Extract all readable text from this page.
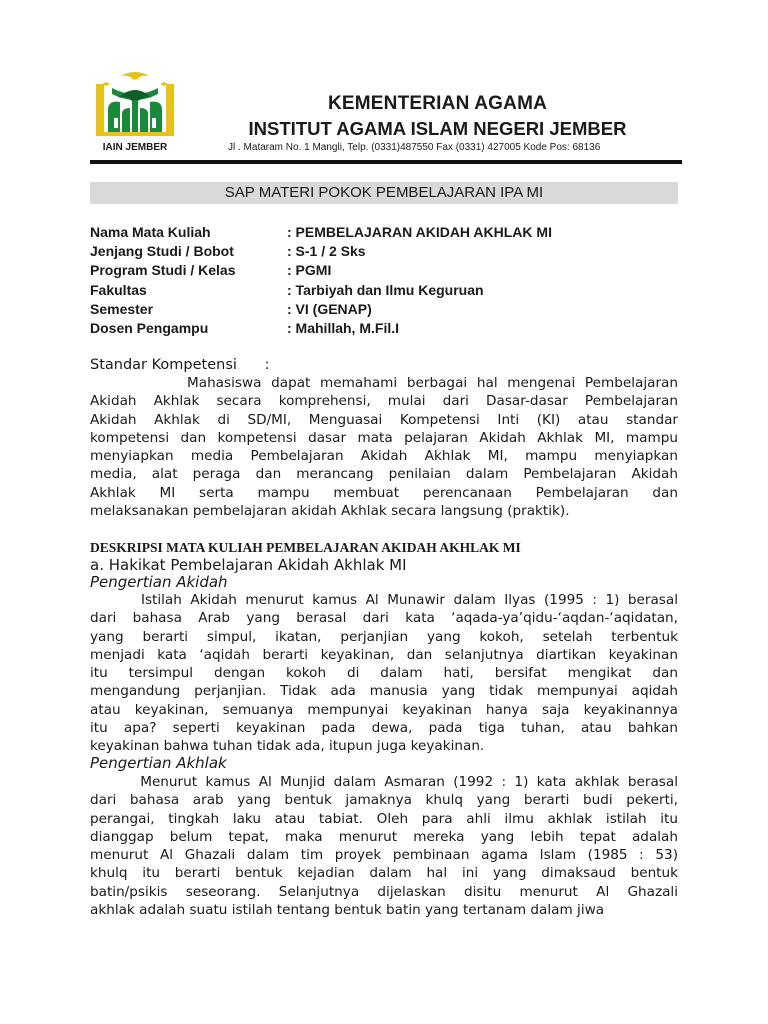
IAIN JEMBER
KEMENTERIAN AGAMA
INSTITUT AGAMA ISLAM NEGERI JEMBER
Jl . Mataram No. 1 Mangli, Telp. (0331)487550 Fax (0331) 427005 Kode Pos: 68136
SAP MATERI POKOK PEMBELAJARAN IPA MI
Nama Mata Kuliah	: PEMBELAJARAN AKIDAH AKHLAK MI
Jenjang Studi / Bobot	: S-1 / 2 Sks
Program Studi / Kelas	: PGMI
Fakultas	: Tarbiyah dan Ilmu Keguruan
Semester	: VI (GENAP)
Dosen Pengampu	: Mahillah, M.Fil.I
Standar Kompetensi      :
Mahasiswa dapat memahami berbagai hal mengenai Pembelajaran
Akidah Akhlak secara komprehensi, mulai dari Dasar-dasar Pembelajaran
Akidah Akhlak di SD/MI, Menguasai Kompetensi Inti (KI) atau standar
kompetensi dan kompetensi dasar mata pelajaran Akidah Akhlak MI, mampu
menyiapkan media Pembelajaran Akidah Akhlak MI, mampu menyiapkan
media, alat peraga dan merancang penilaian dalam Pembelajaran Akidah
Akhlak MI serta mampu membuat perencanaan Pembelajaran dan
melaksanakan pembelajaran akidah Akhlak secara langsung (praktik).
DESKRIPSI MATA KULIAH PEMBELAJARAN AKIDAH AKHLAK MI
a. Hakikat Pembelajaran Akidah Akhlak MI
Pengertian Akidah
Istilah Akidah menurut kamus Al Munawir dalam Ilyas (1995 : 1) berasal
dari bahasa Arab yang berasal dari kata ‘aqada-ya’qidu-‘aqdan-‘aqidatan,
yang berarti simpul, ikatan, perjanjian yang kokoh, setelah terbentuk
menjadi kata ‘aqidah berarti keyakinan, dan selanjutnya diartikan keyakinan
itu tersimpul dengan kokoh di dalam hati, bersifat mengikat dan
mengandung perjanjian. Tidak ada manusia yang tidak mempunyai aqidah
atau keyakinan, semuanya mempunyai keyakinan hanya saja keyakinannya
itu apa? seperti keyakinan pada dewa, pada tiga tuhan, atau bahkan
keyakinan bahwa tuhan tidak ada, itupun juga keyakinan.
Pengertian Akhlak
Menurut kamus Al Munjid dalam Asmaran (1992 : 1) kata akhlak berasal
dari bahasa arab yang bentuk jamaknya khulq yang berarti budi pekerti,
perangai, tingkah laku atau tabiat. Oleh para ahli ilmu akhlak istilah itu
dianggap belum tepat, maka menurut mereka yang lebih tepat adalah
menurut Al Ghazali dalam tim proyek pembinaan agama Islam (1985 : 53)
khulq itu berarti bentuk kejadian dalam hal ini yang dimaksaud bentuk
batin/psikis seseorang. Selanjutnya dijelaskan disitu menurut Al Ghazali
akhlak adalah suatu istilah tentang bentuk batin yang tertanam dalam jiwa
